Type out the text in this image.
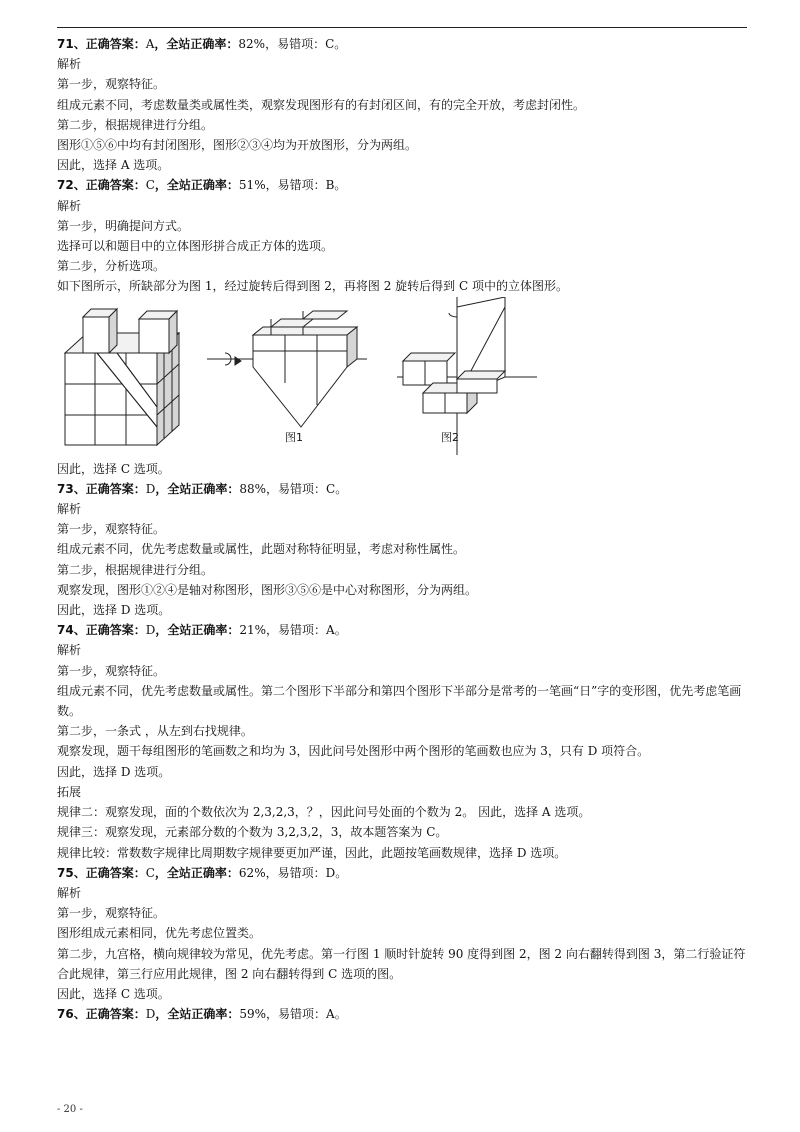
71、正确答案：A，全站正确率：82%，易错项：C。
解析
第一步，观察特征。
组成元素不同，考虑数量类或属性类，观察发现图形有的有封闭区间，有的完全开放，考虑封闭性。
第二步，根据规律进行分组。
图形①⑤⑥中均有封闭图形，图形②③④均为开放图形，分为两组。
因此，选择 A 选项。
72、正确答案：C，全站正确率：51%，易错项：B。
解析
第一步，明确提问方式。
选择可以和题目中的立体图形拼合成正方体的选项。
第二步，分析选项。
如下图所示，所缺部分为图 1，经过旋转后得到图 2，再将图 2 旋转后得到 C 项中的立体图形。
图1	图2
因此，选择 C 选项。
73、正确答案：D，全站正确率：88%，易错项：C。
解析
第一步，观察特征。
组成元素不同，优先考虑数量或属性，此题对称特征明显，考虑对称性属性。
第二步，根据规律进行分组。
观察发现，图形①②④是轴对称图形，图形③⑤⑥是中心对称图形，分为两组。
因此，选择 D 选项。
74、正确答案：D，全站正确率：21%，易错项：A。
解析
第一步，观察特征。
组成元素不同，优先考虑数量或属性。第二个图形下半部分和第四个图形下半部分是常考的一笔画“日”字的变形图，优先考虑笔画数。
第二步，一条式 ，从左到右找规律。
观察发现，题干每组图形的笔画数之和均为 3，因此问号处图形中两个图形的笔画数也应为 3，只有 D 项符合。
因此，选择 D 选项。
拓展
规律二：观察发现，面的个数依次为 2,3,2,3，？，因此问号处面的个数为 2。 因此，选择 A 选项。
规律三：观察发现，元素部分数的个数为 3,2,3,2，3，故本题答案为 C。
规律比较：常数数字规律比周期数字规律要更加严谨，因此，此题按笔画数规律，选择 D 选项。
75、正确答案：C，全站正确率：62%，易错项：D。
解析
第一步，观察特征。
图形组成元素相同，优先考虑位置类。
第二步，九宫格，横向规律较为常见，优先考虑。第一行图 1 顺时针旋转 90 度得到图 2，图 2 向右翻转得到图 3，第二行验证符合此规律，第三行应用此规律，图 2 向右翻转得到 C 选项的图。
因此，选择 C 选项。
76、正确答案：D，全站正确率：59%，易错项：A。
- 20 -
